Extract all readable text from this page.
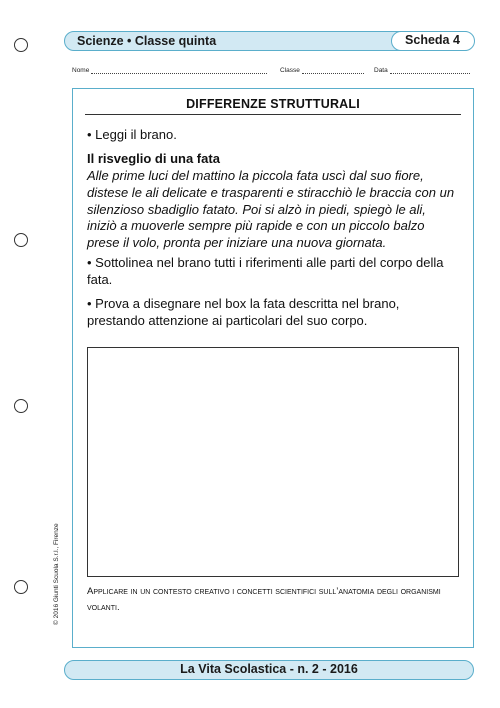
Scienze • Classe quinta	Scheda 4
Nome	Classe	Data
DIFFERENZE STRUTTURALI
• Leggi il brano.
Il risveglio di una fata
Alle prime luci del mattino la piccola fata uscì dal suo fiore, distese le ali delicate e trasparenti e stiracchiò le braccia con un silenzioso sbadiglio fatato. Poi si alzò in piedi, spiegò le ali, iniziò a muoverle sempre più rapide e con un piccolo balzo prese il volo, pronta per iniziare una nuova giornata.
• Sottolinea nel brano tutti i riferimenti alle parti del corpo della fata.
• Prova a disegnare nel box la fata descritta nel brano, prestando attenzione ai particolari del suo corpo.
Applicare in un contesto creativo i concetti scientifici sull’anatomia degli organismi volanti.
La Vita Scolastica - n. 2 - 2016
© 2016 Giunti Scuola S.r.l., Firenze
